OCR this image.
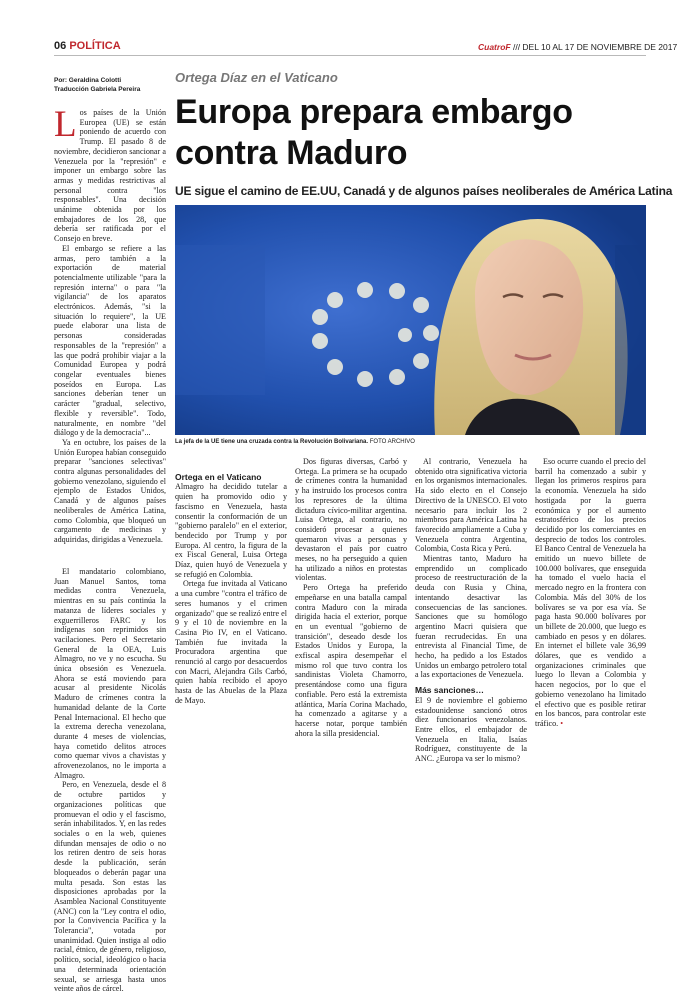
06 POLÍTICA	CuatroF /// DEL 10 AL 17 DE NOVIEMBRE DE 2017
Por: Geraldina Colotti
Traducción Gabriela Pereira
Ortega Díaz en el Vaticano
Europa prepara embargo
contra Maduro
UE sigue el camino de EE.UU, Canadá y de algunos países neoliberales de América Latina
La jefa de la UE tiene una cruzada contra la Revolución Bolivariana. FOTO ARCHIVO

Los países de la Unión Europea (UE) se están poniendo de acuerdo con Trump. El pasado 8 de noviembre, decidieron sancionar a Venezuela por la "represión" e imponer un embargo sobre las armas y medidas restrictivas al personal contra "los responsables". Una decisión unánime obtenida por los embajadores de los 28, que debería ser ratificada por el Consejo en breve.

El embargo se refiere a las armas, pero también a la exportación de material potencialmente utilizable "para la represión interna" o para "la vigilancia" de los aparatos electrónicos. Además, "si la situación lo requiere", la UE puede elaborar una lista de personas consideradas responsables de la "represión" a las que podrá prohibir viajar a la Comunidad Europea y podrá congelar eventuales bienes poseídos en Europa. Las sanciones deberían tener un carácter "gradual, selectivo, flexible y reversible". Todo, naturalmente, en nombre "del diálogo y de la democracia"...

Ya en octubre, los países de la Unión Europea habían conseguido preparar "sanciones selectivas" contra algunas personalidades del gobierno venezolano, siguiendo el ejemplo de Estados Unidos, Canadá y de algunos países neoliberales de América Latina, como Colombia, que bloqueó un cargamento de medicinas y adquiridas, dirigidas a Venezuela.

El mandatario colombiano, Juan Manuel Santos, toma medidas contra Venezuela, mientras en su país continúa la matanza de líderes sociales y exguerrilleros FARC y los indígenas son reprimidos sin vacilaciones. Pero el Secretario General de la OEA, Luis Almagro, no ve y no escucha. Su única obsesión es Venezuela. Ahora se está moviendo para acusar al presidente Nicolás Maduro de crímenes contra la humanidad delante de la Corte Penal Internacional. El hecho que la extrema derecha venezolana, durante 4 meses de violencias, haya cometido delitos atroces como quemar vivos a chavistas y afrovenezolanos, no le importa a Almagro.

Pero, en Venezuela, desde el 8 de octubre partidos y organizaciones políticas que promuevan el odio y el fascismo, serán inhabilitados. Y, en las redes sociales o en la web, quienes difundan mensajes de odio o no los retiren dentro de seis horas desde la publicación, serán bloqueados o deberán pagar una multa pesada. Son estas las disposiciones aprobadas por la Asamblea Nacional Constituyente (ANC) con la "Ley contra el odio, por la Convivencia Pacífica y la Tolerancia", votada por unanimidad. Quien instiga al odio racial, étnico, de género, religioso, político, social, ideológico o hacia una determinada orientación sexual, se arriesga hasta unos veinte años de cárcel.

Ortega en el Vaticano

Almagro ha decidido tutelar a quien ha promovido odio y fascismo en Venezuela, hasta consentir la conformación de un "gobierno paralelo" en el exterior, bendecido por Trump y por Europa. Al centro, la figura de la ex Fiscal General, Luisa Ortega Díaz, quien huyó de Venezuela y se refugió en Colombia.

Ortega fue invitada al Vaticano a una cumbre "contra el tráfico de seres humanos y el crimen organizado" que se realizó entre el 9 y el 10 de noviembre en la Casina Pio IV, en el Vaticano. También fue invitada la Procuradora argentina que renunció al cargo por desacuerdos con Macri, Alejandra Gils Carbó, quien había recibido el apoyo hasta de las Abuelas de la Plaza de Mayo.

Dos figuras diversas, Carbó y Ortega. La primera se ha ocupado de crímenes contra la humanidad y ha instruido los procesos contra los represores de la última dictadura cívico-militar argentina. Luisa Ortega, al contrario, no consideró procesar a quienes quemaron vivas a personas y devastaron el país por cuatro meses, no ha perseguido a quien ha utilizado a niños en protestas violentas.

Pero Ortega ha preferido empeñarse en una batalla campal contra Maduro con la mirada dirigida hacia el exterior, porque en un eventual "gobierno de transición", deseado desde los Estados Unidos y Europa, la exfiscal aspira desempeñar el mismo rol que tuvo contra los sandinistas Violeta Chamorro, presentándose como una figura confiable. Pero está la extremista atlántica, María Corina Machado, ha comenzado a agitarse y a hacerse notar, porque también ahora la silla presidencial.

Al contrario, Venezuela ha obtenido otra significativa victoria en los organismos internacionales. Ha sido electo en el Consejo Directivo de la UNESCO. El voto necesario para incluir los 2 miembros para América Latina ha favorecido ampliamente a Cuba y Venezuela contra Argentina, Colombia, Costa Rica y Perú.

Mientras tanto, Maduro ha emprendido un complicado proceso de reestructuración de la deuda con Rusia y China, intentando desactivar las consecuencias de las sanciones. Sanciones que su homólogo argentino Macri quisiera que fueran recrudecidas. En una entrevista al Financial Time, de hecho, ha pedido a los Estados Unidos un embargo petrolero total a las exportaciones de Venezuela.

Más sanciones…

El 9 de noviembre el gobierno estadounidense sancionó otros diez funcionarios venezolanos. Entre ellos, el embajador de Venezuela en Italia, Isaías Rodríguez, constituyente de la ANC. ¿Europa va ser lo mismo?

Eso ocurre cuando el precio del barril ha comenzado a subir y llegan los primeros respiros para la economía. Venezuela ha sido hostigada por la guerra económica y por el aumento estratosférico de los precios decidido por los comerciantes en desprecio de todos los controles. El Banco Central de Venezuela ha emitido un nuevo billete de 100.000 bolívares, que enseguida ha tomado el vuelo hacia el mercado negro en la frontera con Colombia. Más del 30% de los bolívares se va por esa vía. Se paga hasta 90.000 bolívares por un billete de 20.000, que luego es cambiado en pesos y en dólares. En internet el billete vale 36,99 dólares, que es vendido a organizaciones criminales que luego lo llevan a Colombia y hacen negocios, por lo que el gobierno venezolano ha limitado el efectivo que es posible retirar en los bancos, para controlar este tráfico. •
